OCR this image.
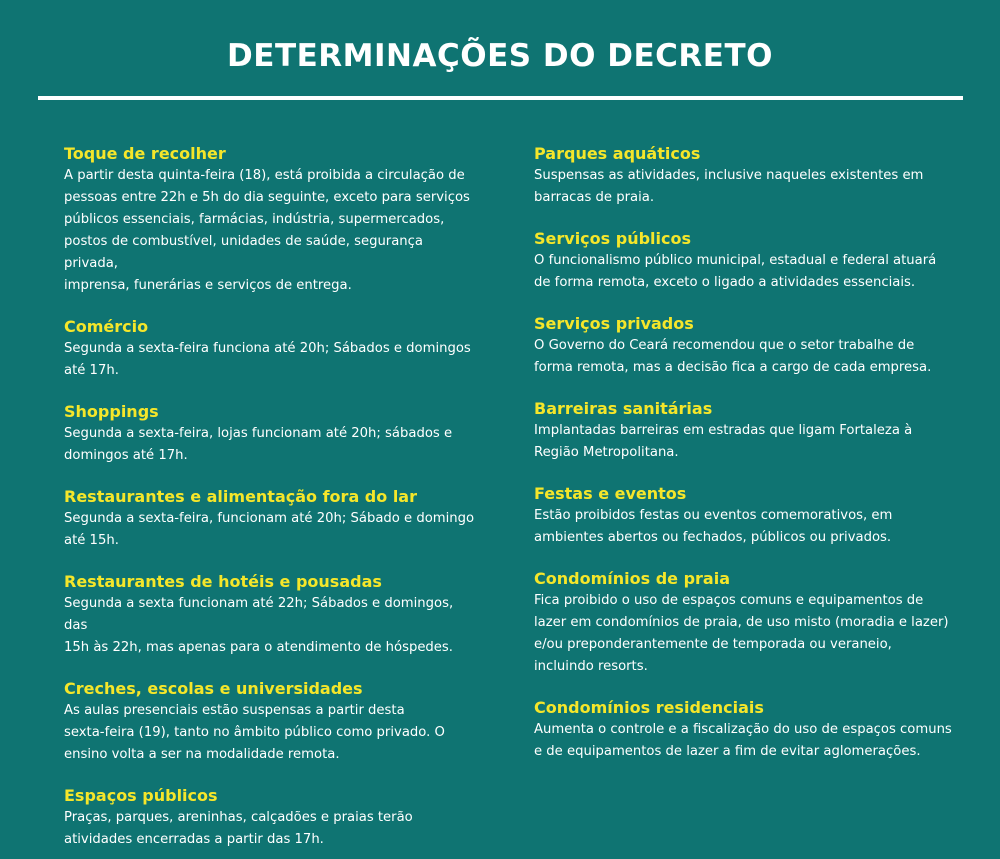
DETERMINAÇÕES DO DECRETO
Toque de recolher
A partir desta quinta-feira (18), está proibida a circulação de
pessoas entre 22h e 5h do dia seguinte, exceto para serviços
públicos essenciais, farmácias, indústria, supermercados,
postos de combustível, unidades de saúde, segurança privada,
imprensa, funerárias e serviços de entrega.
Comércio
Segunda a sexta-feira funciona até 20h; Sábados e domingos
até 17h.
Shoppings
Segunda a sexta-feira, lojas funcionam até 20h; sábados e
domingos até 17h.
Restaurantes e alimentação fora do lar
Segunda a sexta-feira, funcionam até 20h; Sábado e domingo
até 15h.
Restaurantes de hotéis e pousadas
Segunda a sexta funcionam até 22h; Sábados e domingos, das
15h às 22h, mas apenas para o atendimento de hóspedes.
Creches, escolas e universidades
As aulas presenciais estão suspensas a partir desta
sexta-feira (19), tanto no âmbito público como privado. O
ensino volta a ser na modalidade remota.
Espaços públicos
Praças, parques, areninhas, calçadões e praias terão
atividades encerradas a partir das 17h.
Parques aquáticos
Suspensas as atividades, inclusive naqueles existentes em
barracas de praia.
Serviços públicos
O funcionalismo público municipal, estadual e federal atuará
de forma remota, exceto o ligado a atividades essenciais.
Serviços privados
O Governo do Ceará recomendou que o setor trabalhe de
forma remota, mas a decisão fica a cargo de cada empresa.
Barreiras sanitárias
Implantadas barreiras em estradas que ligam Fortaleza à
Região Metropolitana.
Festas e eventos
Estão proibidos festas ou eventos comemorativos, em
ambientes abertos ou fechados, públicos ou privados.
Condomínios de praia
Fica proibido o uso de espaços comuns e equipamentos de
lazer em condomínios de praia, de uso misto (moradia e lazer)
e/ou preponderantemente de temporada ou veraneio,
incluindo resorts.
Condomínios residenciais
Aumenta o controle e a fiscalização do uso de espaços comuns
e de equipamentos de lazer a fim de evitar aglomerações.
